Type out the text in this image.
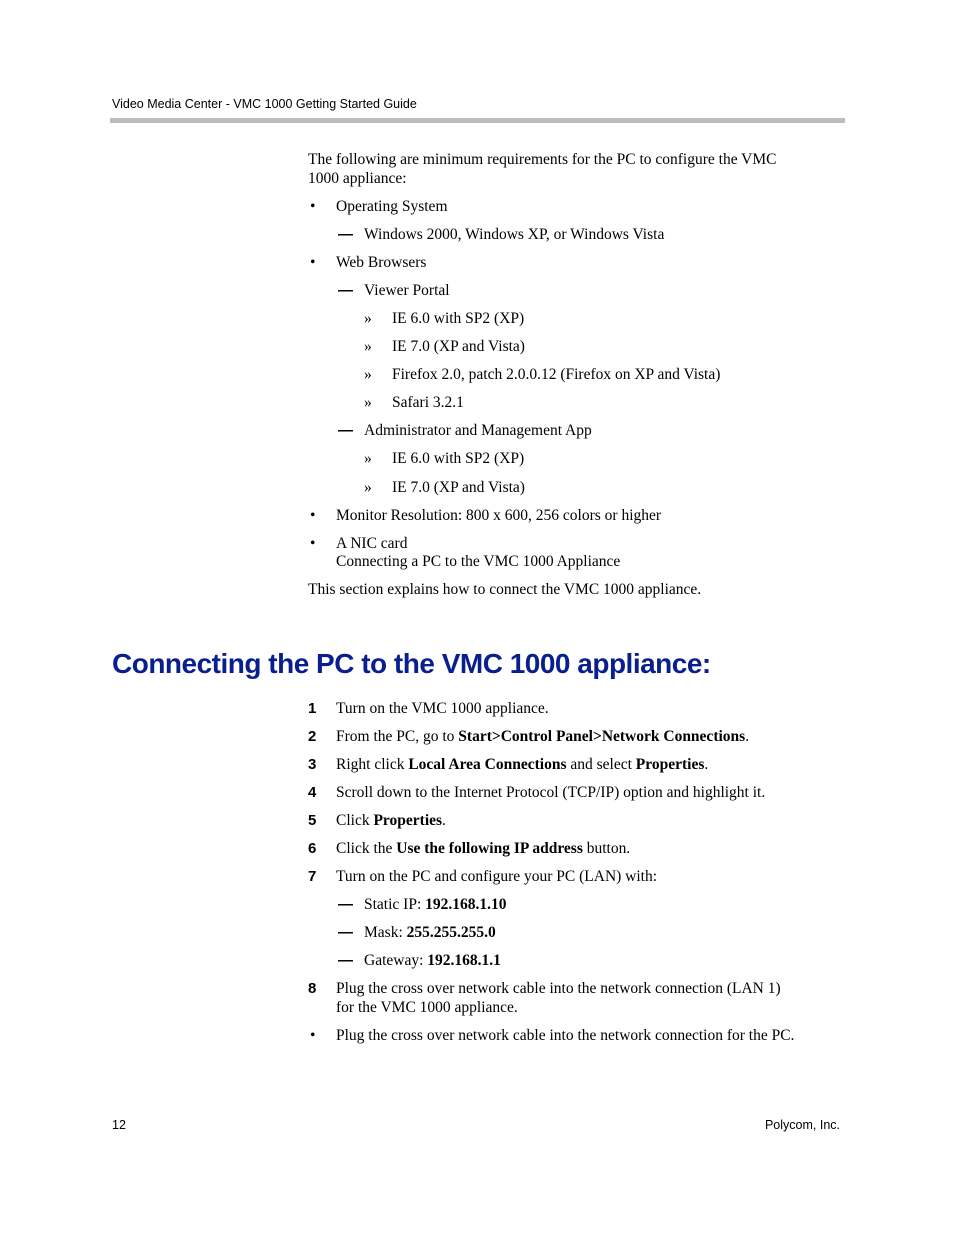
Video Media Center - VMC 1000 Getting Started Guide
The following are minimum requirements for the PC to configure the VMC
1000 appliance:
• Operating System
— Windows 2000, Windows XP, or Windows Vista
• Web Browsers
— Viewer Portal
» IE 6.0 with SP2 (XP)
» IE 7.0 (XP and Vista)
» Firefox 2.0, patch 2.0.0.12 (Firefox on XP and Vista)
» Safari 3.2.1
— Administrator and Management App
» IE 6.0 with SP2 (XP)
» IE 7.0 (XP and Vista)
• Monitor Resolution: 800 x 600, 256 colors or higher
• A NIC card
Connecting a PC to the VMC 1000 Appliance
This section explains how to connect the VMC 1000 appliance.
Connecting the PC to the VMC 1000 appliance:
1 Turn on the VMC 1000 appliance.
2 From the PC, go to Start>Control Panel>Network Connections.
3 Right click Local Area Connections and select Properties.
4 Scroll down to the Internet Protocol (TCP/IP) option and highlight it.
5 Click Properties.
6 Click the Use the following IP address button.
7 Turn on the PC and configure your PC (LAN) with:
— Static IP: 192.168.1.10
— Mask: 255.255.255.0
— Gateway: 192.168.1.1
8 Plug the cross over network cable into the network connection (LAN 1)
for the VMC 1000 appliance.
• Plug the cross over network cable into the network connection for the PC.
12	Polycom, Inc.
